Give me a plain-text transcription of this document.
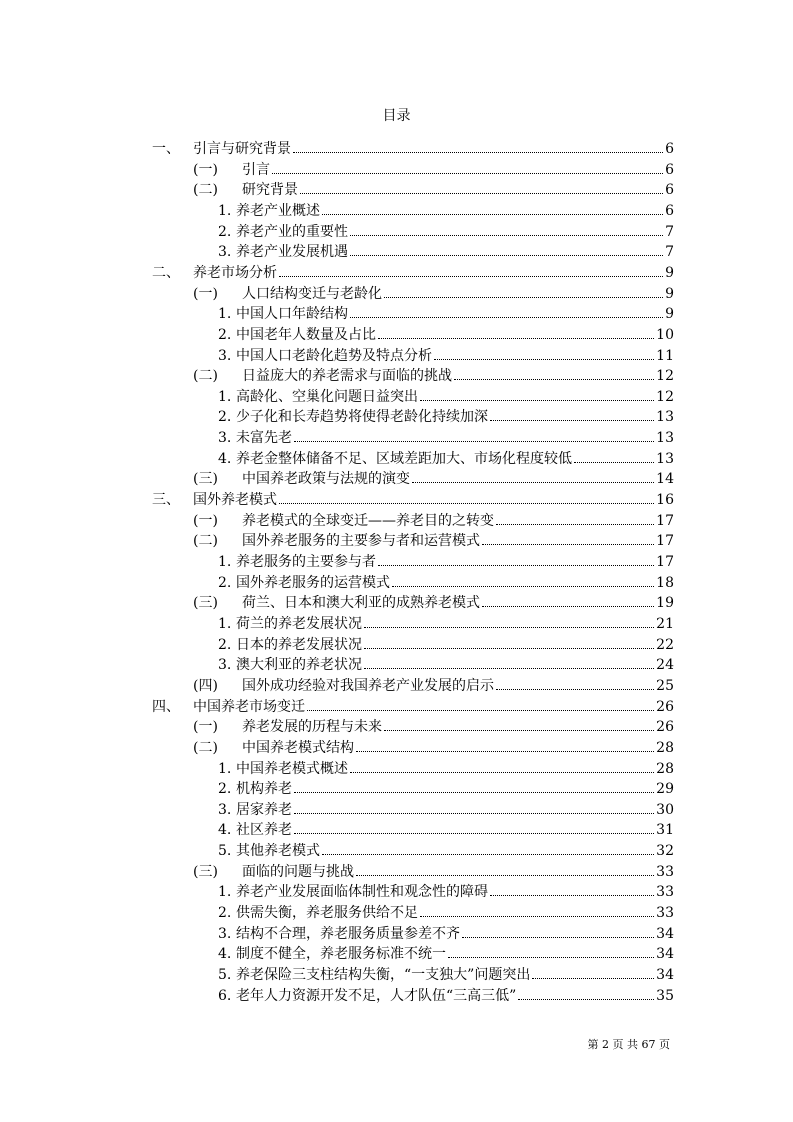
目录
一、 引言与研究背景	6
(一) 引言	6
(二) 研究背景	6
1. 养老产业概述	6
2. 养老产业的重要性	7
3. 养老产业发展机遇	7
二、 养老市场分析	9
(一) 人口结构变迁与老龄化	9
1. 中国人口年龄结构	9
2. 中国老年人数量及占比	10
3. 中国人口老龄化趋势及特点分析	11
(二) 日益庞大的养老需求与面临的挑战	12
1. 高龄化、空巢化问题日益突出	12
2. 少子化和长寿趋势将使得老龄化持续加深	13
3. 未富先老	13
4. 养老金整体储备不足、区域差距加大、市场化程度较低	13
(三) 中国养老政策与法规的演变	14
三、 国外养老模式	16
(一) 养老模式的全球变迁——养老目的之转变	17
(二) 国外养老服务的主要参与者和运营模式	17
1. 养老服务的主要参与者	17
2. 国外养老服务的运营模式	18
(三) 荷兰、日本和澳大利亚的成熟养老模式	19
1. 荷兰的养老发展状况	21
2. 日本的养老发展状况	22
3. 澳大利亚的养老状况	24
(四) 国外成功经验对我国养老产业发展的启示	25
四、 中国养老市场变迁	26
(一) 养老发展的历程与未来	26
(二) 中国养老模式结构	28
1. 中国养老模式概述	28
2. 机构养老	29
3. 居家养老	30
4. 社区养老	31
5. 其他养老模式	32
(三) 面临的问题与挑战	33
1. 养老产业发展面临体制性和观念性的障碍	33
2. 供需失衡，养老服务供给不足	33
3. 结构不合理，养老服务质量参差不齐	34
4. 制度不健全，养老服务标准不统一	34
5. 养老保险三支柱结构失衡，“一支独大”问题突出	34
6. 老年人力资源开发不足，人才队伍“三高三低”	35
第 2 页 共 67 页
